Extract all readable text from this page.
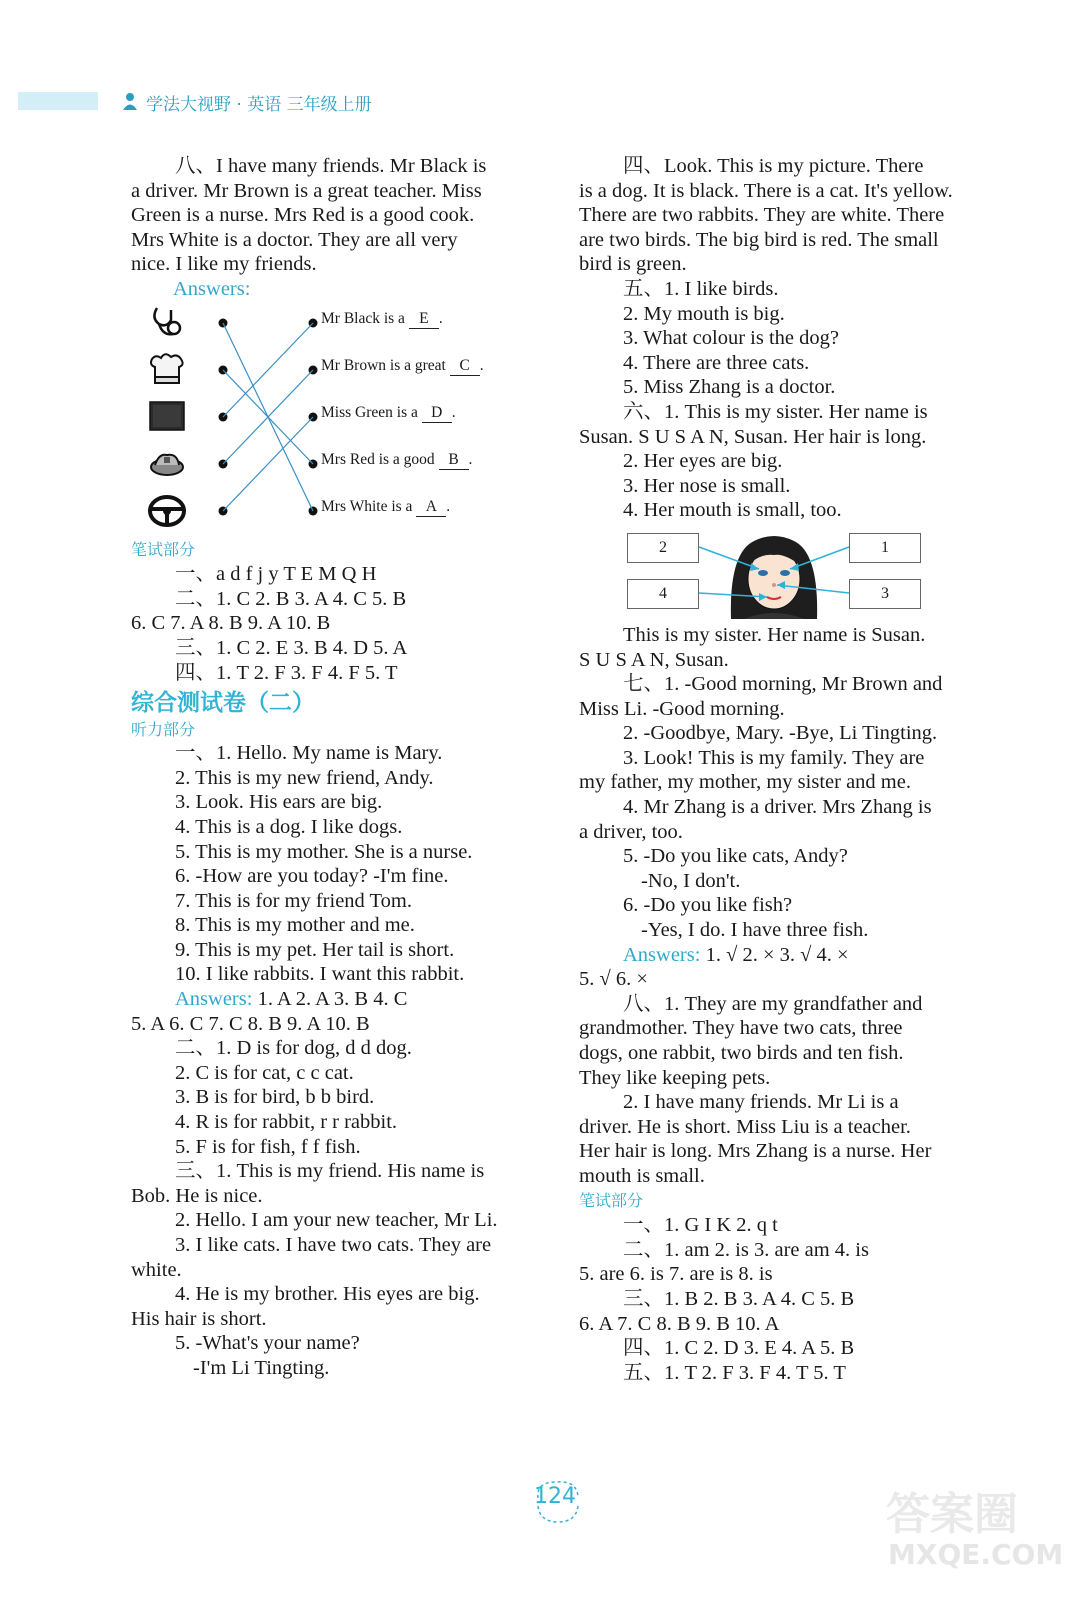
学法大视野 · 英语 三年级上册
八、I have many friends. Mr Black is
a driver. Mr Brown is a great teacher. Miss
Green is a nurse. Mrs Red is a good cook.
Mrs White is a doctor. They are all very
nice. I like my friends.
Answers:
Mr Black is a E .
Mr Brown is a great C .
Miss Green is a D .
Mrs Red is a good B .
Mrs White is a A .
笔试部分
一、a d f j y T E M Q H
二、1. C 2. B 3. A 4. C 5. B
6. C 7. A 8. B 9. A 10. B
三、1. C 2. E 3. B 4. D 5. A
四、1. T 2. F 3. F 4. F 5. T
综合测试卷（二）
听力部分
一、1. Hello. My name is Mary.
2. This is my new friend, Andy.
3. Look. His ears are big.
4. This is a dog. I like dogs.
5. This is my mother. She is a nurse.
6. -How are you today? -I'm fine.
7. This is for my friend Tom.
8. This is my mother and me.
9. This is my pet. Her tail is short.
10. I like rabbits. I want this rabbit.
Answers: 1. A 2. A 3. B 4. C
5. A 6. C 7. C 8. B 9. A 10. B
二、1. D is for dog, d d dog.
2. C is for cat, c c cat.
3. B is for bird, b b bird.
4. R is for rabbit, r r rabbit.
5. F is for fish, f f fish.
三、1. This is my friend. His name is
Bob. He is nice.
2. Hello. I am your new teacher, Mr Li.
3. I like cats. I have two cats. They are
white.
4. He is my brother. His eyes are big.
His hair is short.
5. -What's your name?
-I'm Li Tingting.
四、Look. This is my picture. There
is a dog. It is black. There is a cat. It's yellow.
There are two rabbits. They are white. There
are two birds. The big bird is red. The small
bird is green.
五、1. I like birds.
2. My mouth is big.
3. What colour is the dog?
4. There are three cats.
5. Miss Zhang is a doctor.
六、1. This is my sister. Her name is
Susan. S U S A N, Susan. Her hair is long.
2. Her eyes are big.
3. Her nose is small.
4. Her mouth is small, too.
2	1
4	3
This is my sister. Her name is Susan.
S U S A N, Susan.
七、1. -Good morning, Mr Brown and
Miss Li. -Good morning.
2. -Goodbye, Mary. -Bye, Li Tingting.
3. Look! This is my family. They are
my father, my mother, my sister and me.
4. Mr Zhang is a driver. Mrs Zhang is
a driver, too.
5. -Do you like cats, Andy?
-No, I don't.
6. -Do you like fish?
-Yes, I do. I have three fish.
Answers: 1. √ 2. × 3. √ 4. ×
5. √ 6. ×
八、1. They are my grandfather and
grandmother. They have two cats, three
dogs, one rabbit, two birds and ten fish.
They like keeping pets.
2. I have many friends. Mr Li is a
driver. He is short. Miss Liu is a teacher.
Her hair is long. Mrs Zhang is a nurse. Her
mouth is small.
笔试部分
一、1. G I K 2. q t
二、1. am 2. is 3. are am 4. is
5. are 6. is 7. are is 8. is
三、1. B 2. B 3. A 4. C 5. B
6. A 7. C 8. B 9. B 10. A
四、1. C 2. D 3. E 4. A 5. B
五、1. T 2. F 3. F 4. T 5. T
124	答案圈
MXQE.COM
